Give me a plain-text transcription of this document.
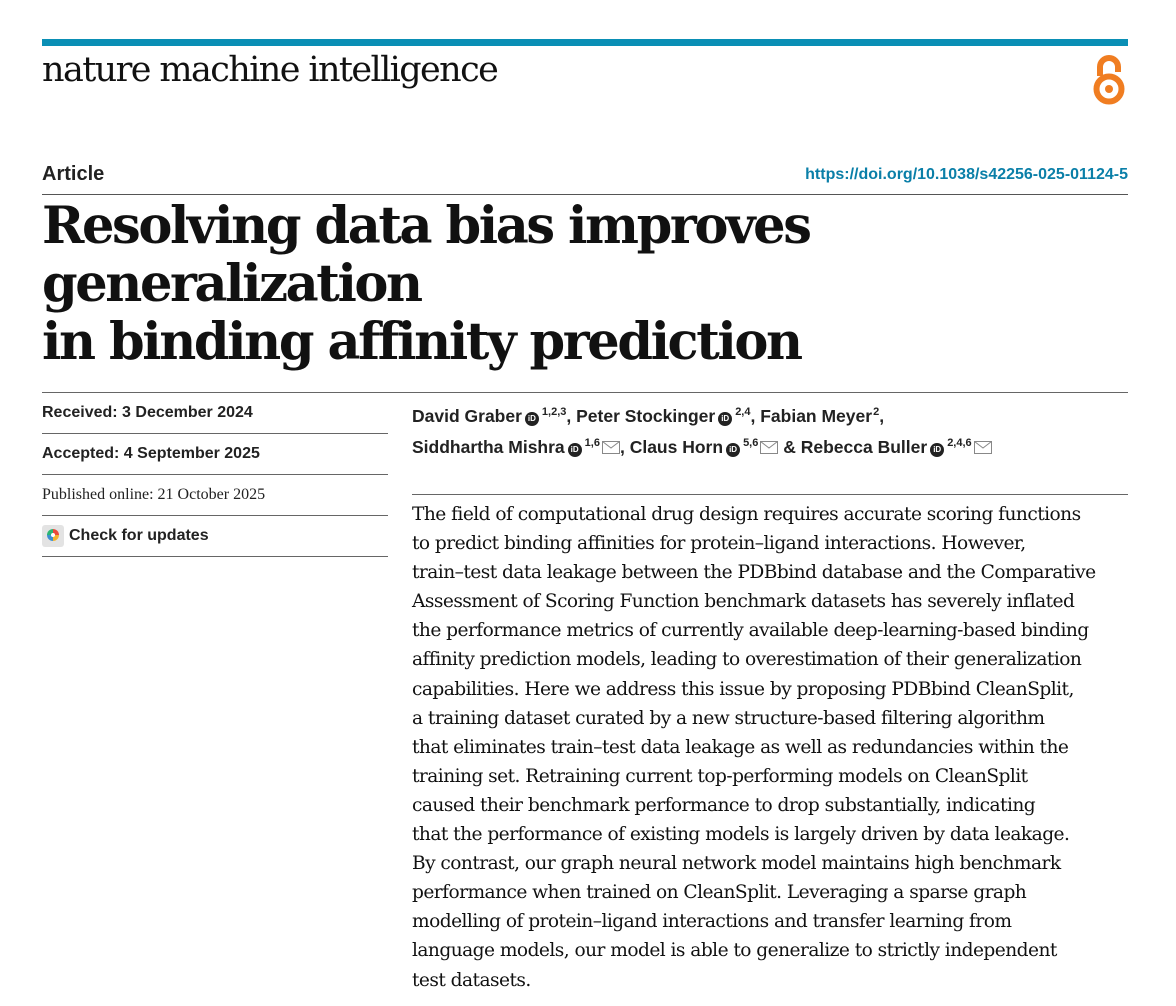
nature machine intelligence
Article	https://doi.org/10.1038/s42256-025-01124-5
Resolving data bias improves generalization
in binding affinity prediction
Received: 3 December 2024
Accepted: 4 September 2025
Published online: 21 October 2025
Check for updates
David Graber iD$^{1,2,3}$, Peter Stockinger iD$^{2,4}$, Fabian Meyer$^2$,
Siddhartha Mishra iD$^{1,6}$ , Claus Horn iD$^{5,6}$ & Rebecca Buller iD$^{2,4,6}$
The field of computational drug design requires accurate scoring functions
to predict binding affinities for protein–ligand interactions. However,
train–test data leakage between the PDBbind database and the Comparative
Assessment of Scoring Function benchmark datasets has severely inflated
the performance metrics of currently available deep-learning-based binding
affinity prediction models, leading to overestimation of their generalization
capabilities. Here we address this issue by proposing PDBbind CleanSplit,
a training dataset curated by a new structure-based filtering algorithm
that eliminates train–test data leakage as well as redundancies within the
training set. Retraining current top-performing models on CleanSplit
caused their benchmark performance to drop substantially, indicating
that the performance of existing models is largely driven by data leakage.
By contrast, our graph neural network model maintains high benchmark
performance when trained on CleanSplit. Leveraging a sparse graph
modelling of protein–ligand interactions and transfer learning from
language models, our model is able to generalize to strictly independent
test datasets.
